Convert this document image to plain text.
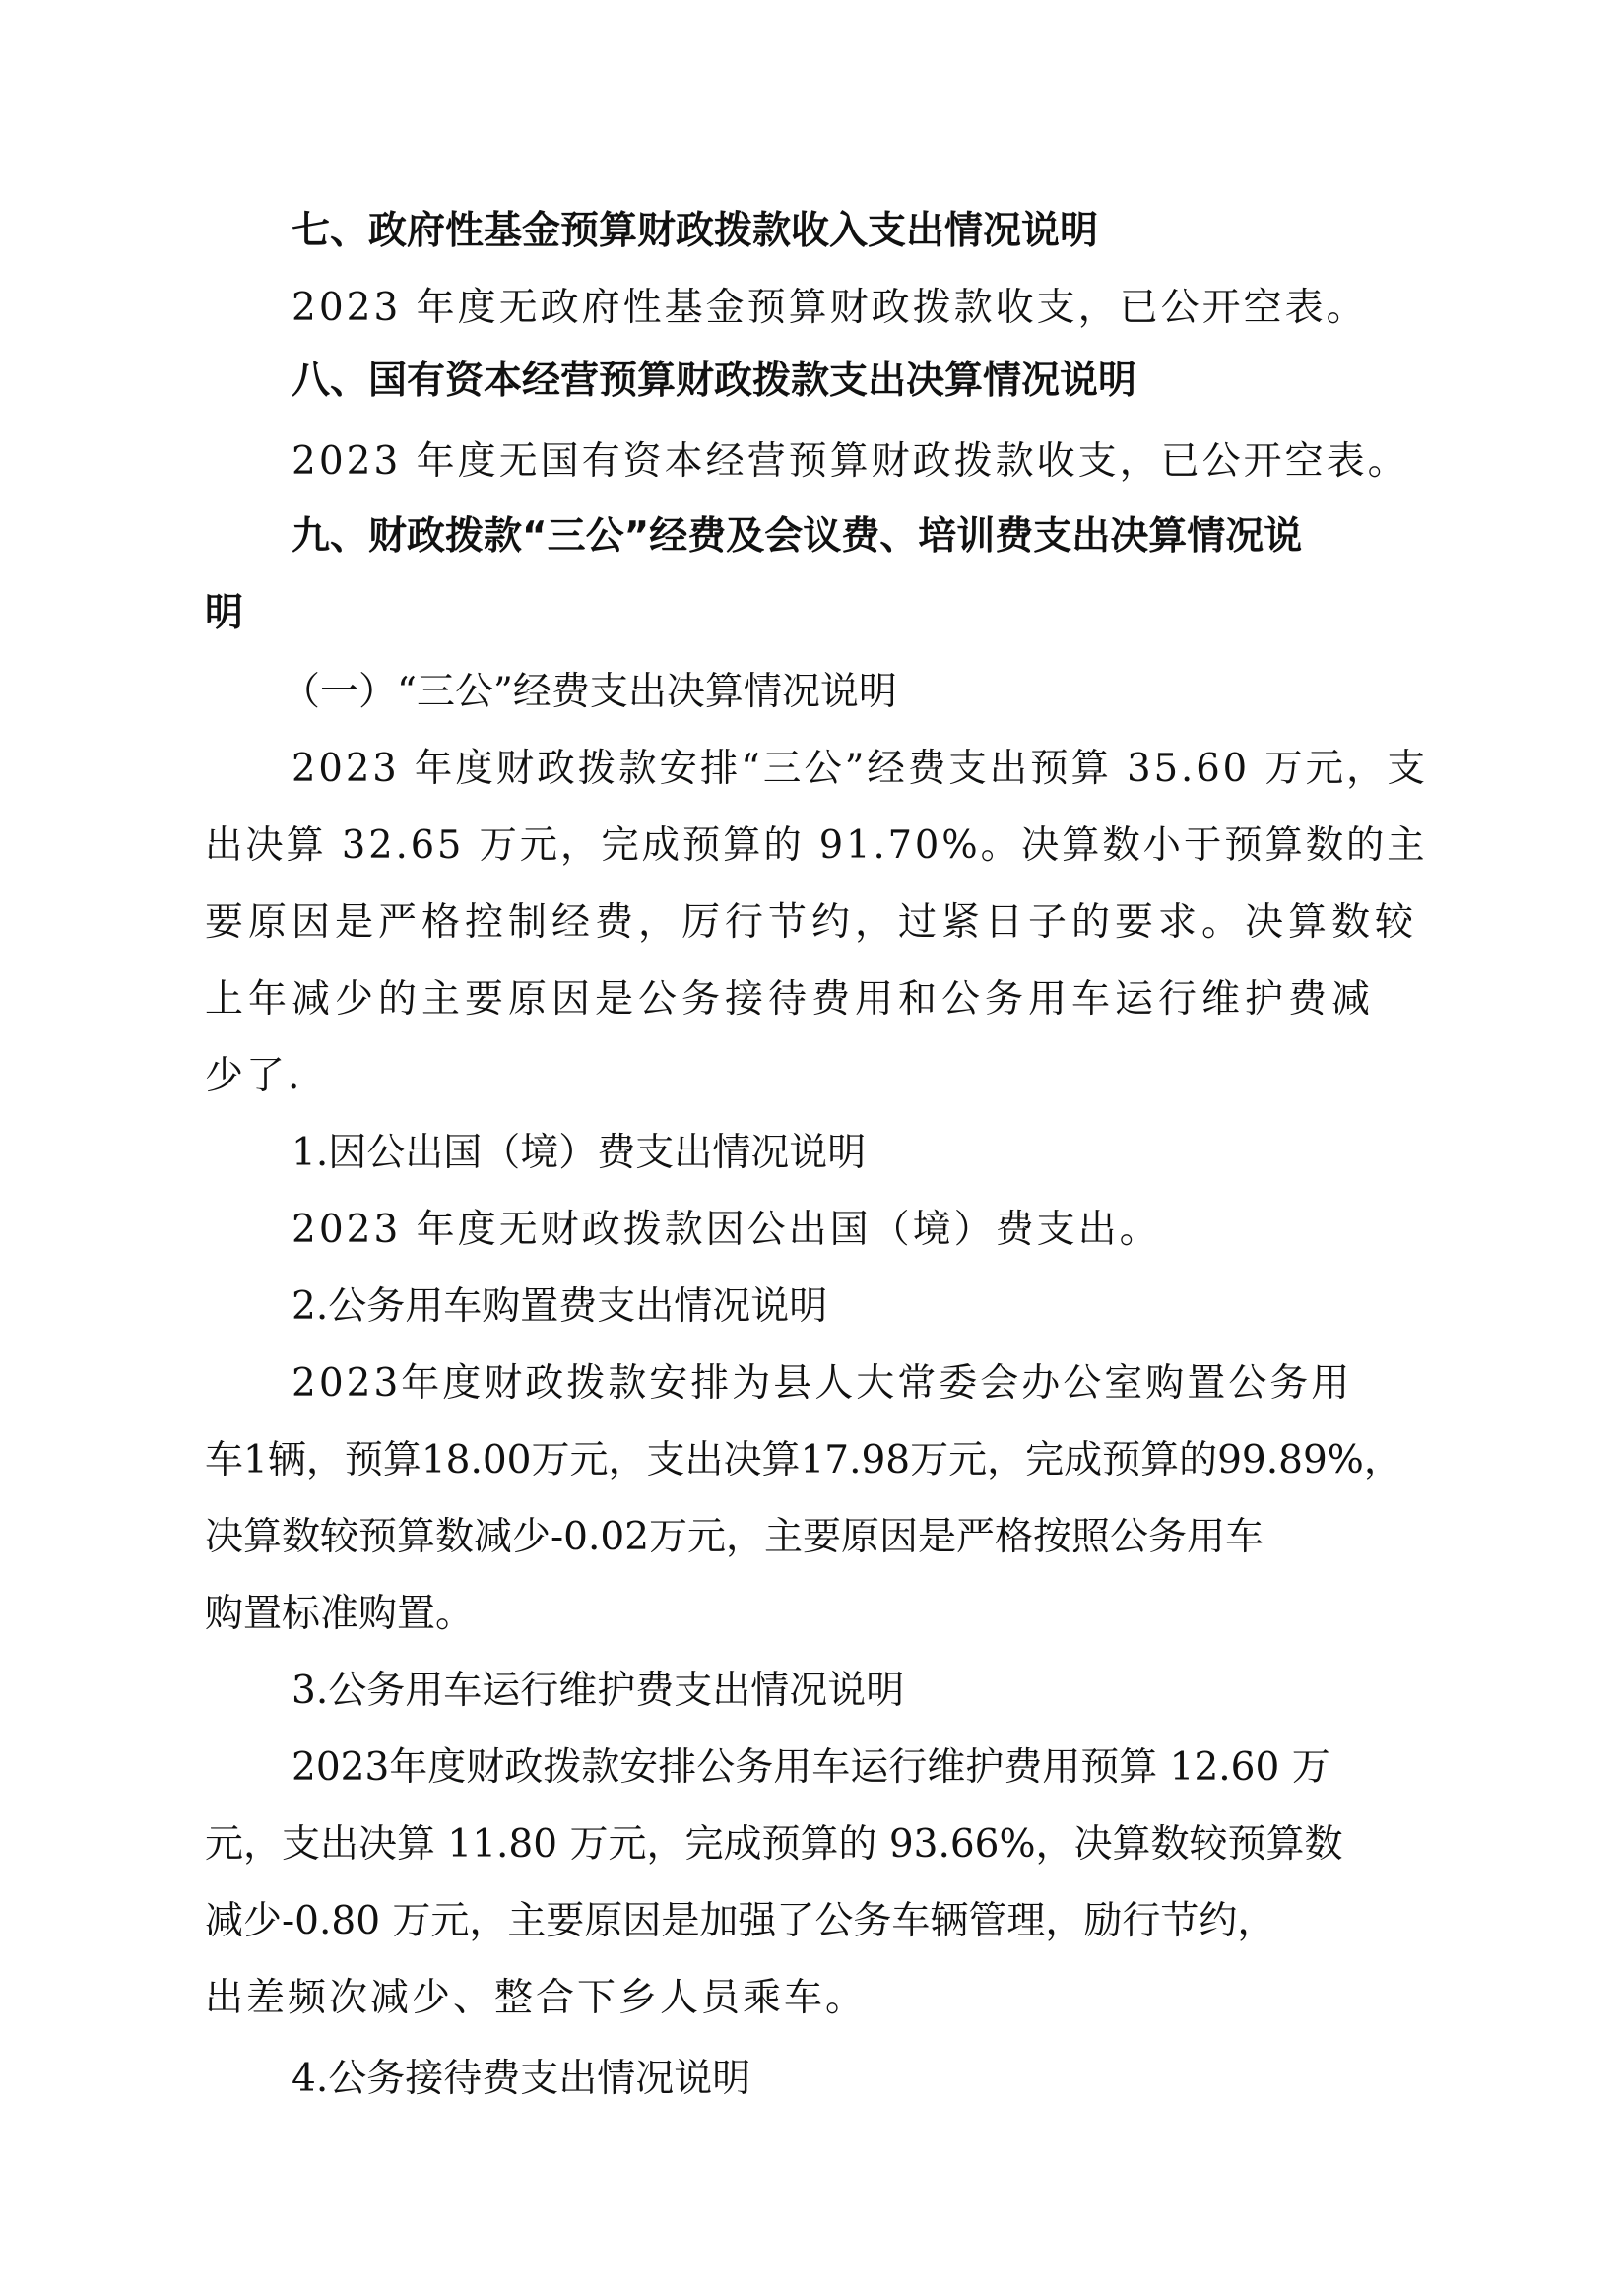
七、政府性基金预算财政拨款收入支出情况说明
2023 年度无政府性基金预算财政拨款收支，已公开空表。
八、国有资本经营预算财政拨款支出决算情况说明
2023 年度无国有资本经营预算财政拨款收支，已公开空表。
九、财政拨款“三公”经费及会议费、培训费支出决算情况说
明
（一）“三公”经费支出决算情况说明
2023 年度财政拨款安排“三公”经费支出预算 35.60 万元，支
出决算 32.65 万元，完成预算的 91.70%。决算数小于预算数的主
要原因是严格控制经费，厉行节约，过紧日子的要求。决算数较
上年减少的主要原因是公务接待费用和公务用车运行维护费减
少了.
1.因公出国（境）费支出情况说明
2023 年度无财政拨款因公出国（境）费支出。
2.公务用车购置费支出情况说明
2023年度财政拨款安排为县人大常委会办公室购置公务用
车1辆，预算18.00万元，支出决算17.98万元，完成预算的99.89%，
决算数较预算数减少-0.02万元，主要原因是严格按照公务用车
购置标准购置。
3.公务用车运行维护费支出情况说明
2023年度财政拨款安排公务用车运行维护费用预算 12.60 万
元，支出决算 11.80 万元，完成预算的 93.66%，决算数较预算数
减少-0.80 万元，主要原因是加强了公务车辆管理，励行节约，
出差频次减少、整合下乡人员乘车。
4.公务接待费支出情况说明
